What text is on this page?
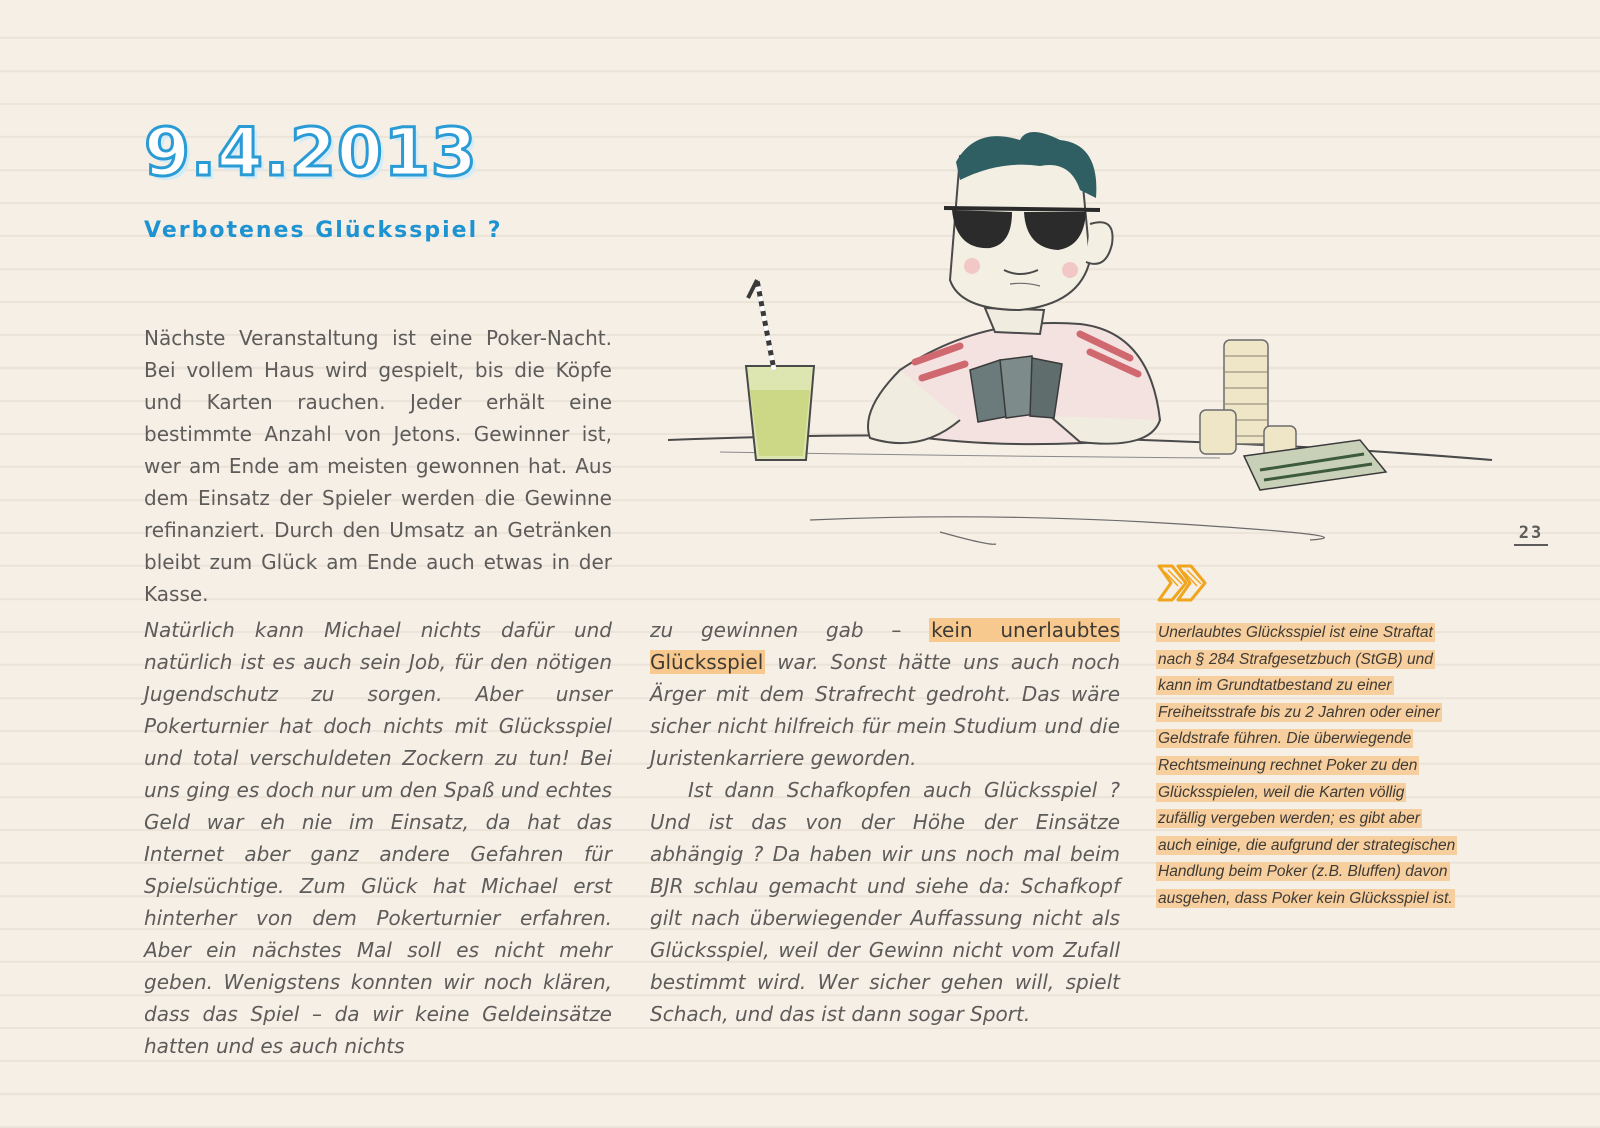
9.4.2013
Verbotenes Glücksspiel ?

Nächste Veranstaltung ist eine Poker-Nacht. Bei vollem Haus wird gespielt, bis die Köpfe und Karten rauchen. Jeder erhält eine bestimmte Anzahl von Jetons. Gewinner ist, wer am Ende am meisten gewonnen hat. Aus dem Einsatz der Spieler werden die Gewinne refinanziert. Durch den Umsatz an Getränken bleibt zum Glück am Ende auch etwas in der Kasse.

Natürlich kann Michael nichts dafür und natürlich ist es auch sein Job, für den nötigen Jugendschutz zu sorgen. Aber unser Pokerturnier hat doch nichts mit Glücksspiel und total verschuldeten Zockern zu tun! Bei uns ging es doch nur um den Spaß und echtes Geld war eh nie im Einsatz, da hat das Internet aber ganz andere Gefahren für Spielsüchtige. Zum Glück hat Michael erst hinterher von dem Pokerturnier erfahren. Aber ein nächstes Mal soll es nicht mehr geben. Wenigstens konnten wir noch klären, dass das Spiel – da wir keine Geldeinsätze hatten und es auch nichts

zu gewinnen gab – kein unerlaubtes Glücksspiel war. Sonst hätte uns auch noch Ärger mit dem Strafrecht gedroht. Das wäre sicher nicht hilfreich für mein Studium und die Juristenkarriere geworden.

Ist dann Schafkopfen auch Glücksspiel ? Und ist das von der Höhe der Einsätze abhängig ? Da haben wir uns noch mal beim BJR schlau gemacht und siehe da: Schafkopf gilt nach überwiegender Auffassung nicht als Glücksspiel, weil der Gewinn nicht vom Zufall bestimmt wird. Wer sicher gehen will, spielt Schach, und das ist dann sogar Sport.

Unerlaubtes Glücksspiel ist eine Straftat nach § 284 Strafgesetzbuch (StGB) und kann im Grundtatbestand zu einer Freiheitsstrafe bis zu 2 Jahren oder einer Geldstrafe führen. Die überwiegende Rechtsmeinung rechnet Poker zu den Glücksspielen, weil die Karten völlig zufällig vergeben werden; es gibt aber auch einige, die aufgrund der strategischen Handlung beim Poker (z.B. Bluffen) davon ausgehen, dass Poker kein Glücksspiel ist.

23
